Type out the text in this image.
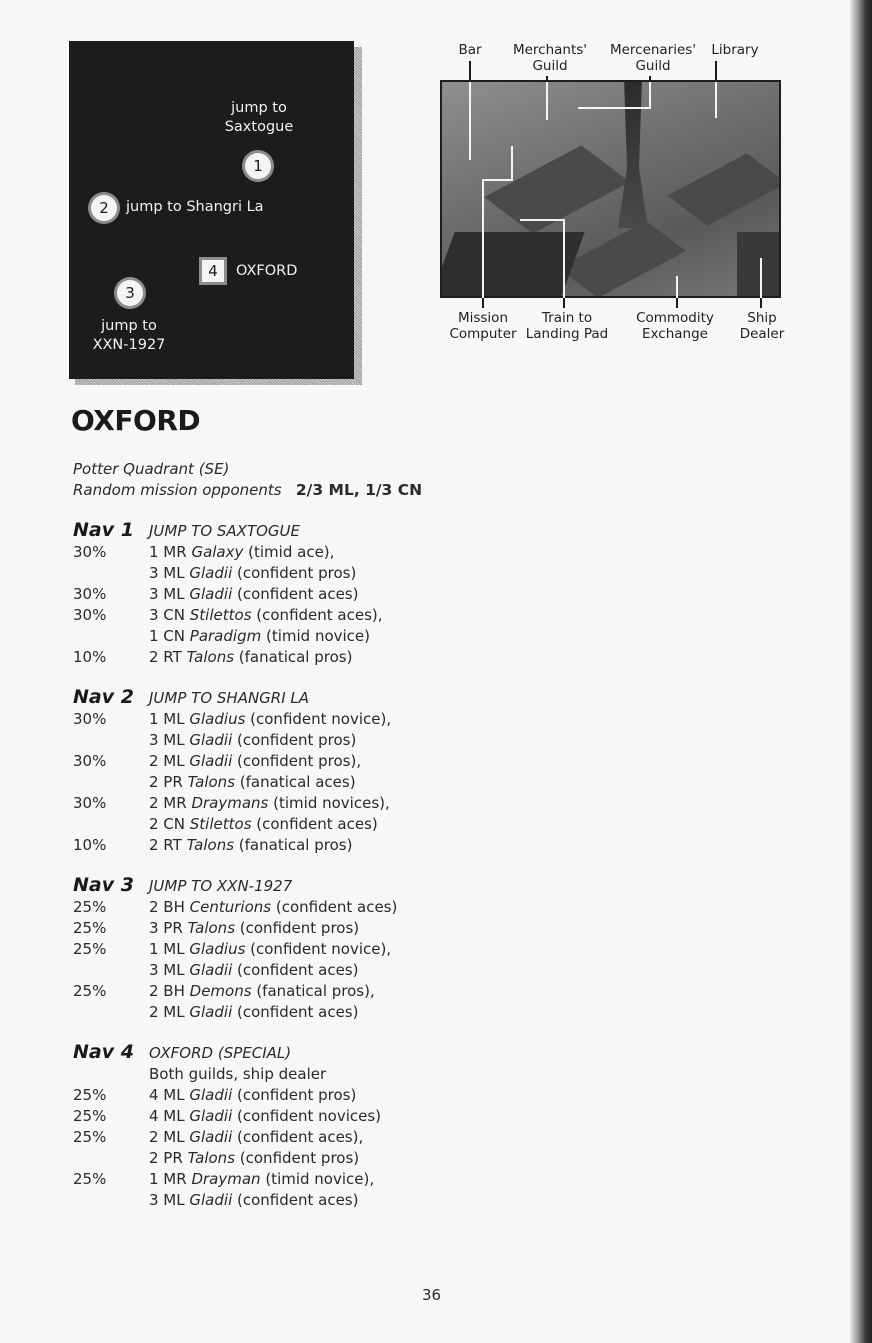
jump to
Saxtogue
1
2 jump to Shangri La
4 OXFORD
3
jump to
XXN-1927
Bar	Merchants'
Guild
Mercenaries'
Guild
Library
Mission
Computer
Train to
Landing Pad
Commodity
Exchange
Ship
Dealer
OXFORD
Potter Quadrant (SE)
Random mission opponents 2/3 ML, 1/3 CN
Nav 1	JUMP TO SAXTOGUE
30%	1 MR Galaxy (timid ace),
3 ML Gladii (confident pros)
30%	3 ML Gladii (confident aces)
30%	3 CN Stilettos (confident aces),
1 CN Paradigm (timid novice)
10%	2 RT Talons (fanatical pros)
Nav 2	JUMP TO SHANGRI LA
30%	1 ML Gladius (confident novice),
3 ML Gladii (confident pros)
30%	2 ML Gladii (confident pros),
2 PR Talons (fanatical aces)
30%	2 MR Draymans (timid novices),
2 CN Stilettos (confident aces)
10%	2 RT Talons (fanatical pros)
Nav 3	JUMP TO XXN-1927
25%	2 BH Centurions (confident aces)
25%	3 PR Talons (confident pros)
25%	1 ML Gladius (confident novice),
3 ML Gladii (confident aces)
25%	2 BH Demons (fanatical pros),
2 ML Gladii (confident aces)
Nav 4	OXFORD (SPECIAL)
Both guilds, ship dealer
25%	4 ML Gladii (confident pros)
25%	4 ML Gladii (confident novices)
25%	2 ML Gladii (confident aces),
2 PR Talons (confident pros)
25%	1 MR Drayman (timid novice),
3 ML Gladii (confident aces)
36
